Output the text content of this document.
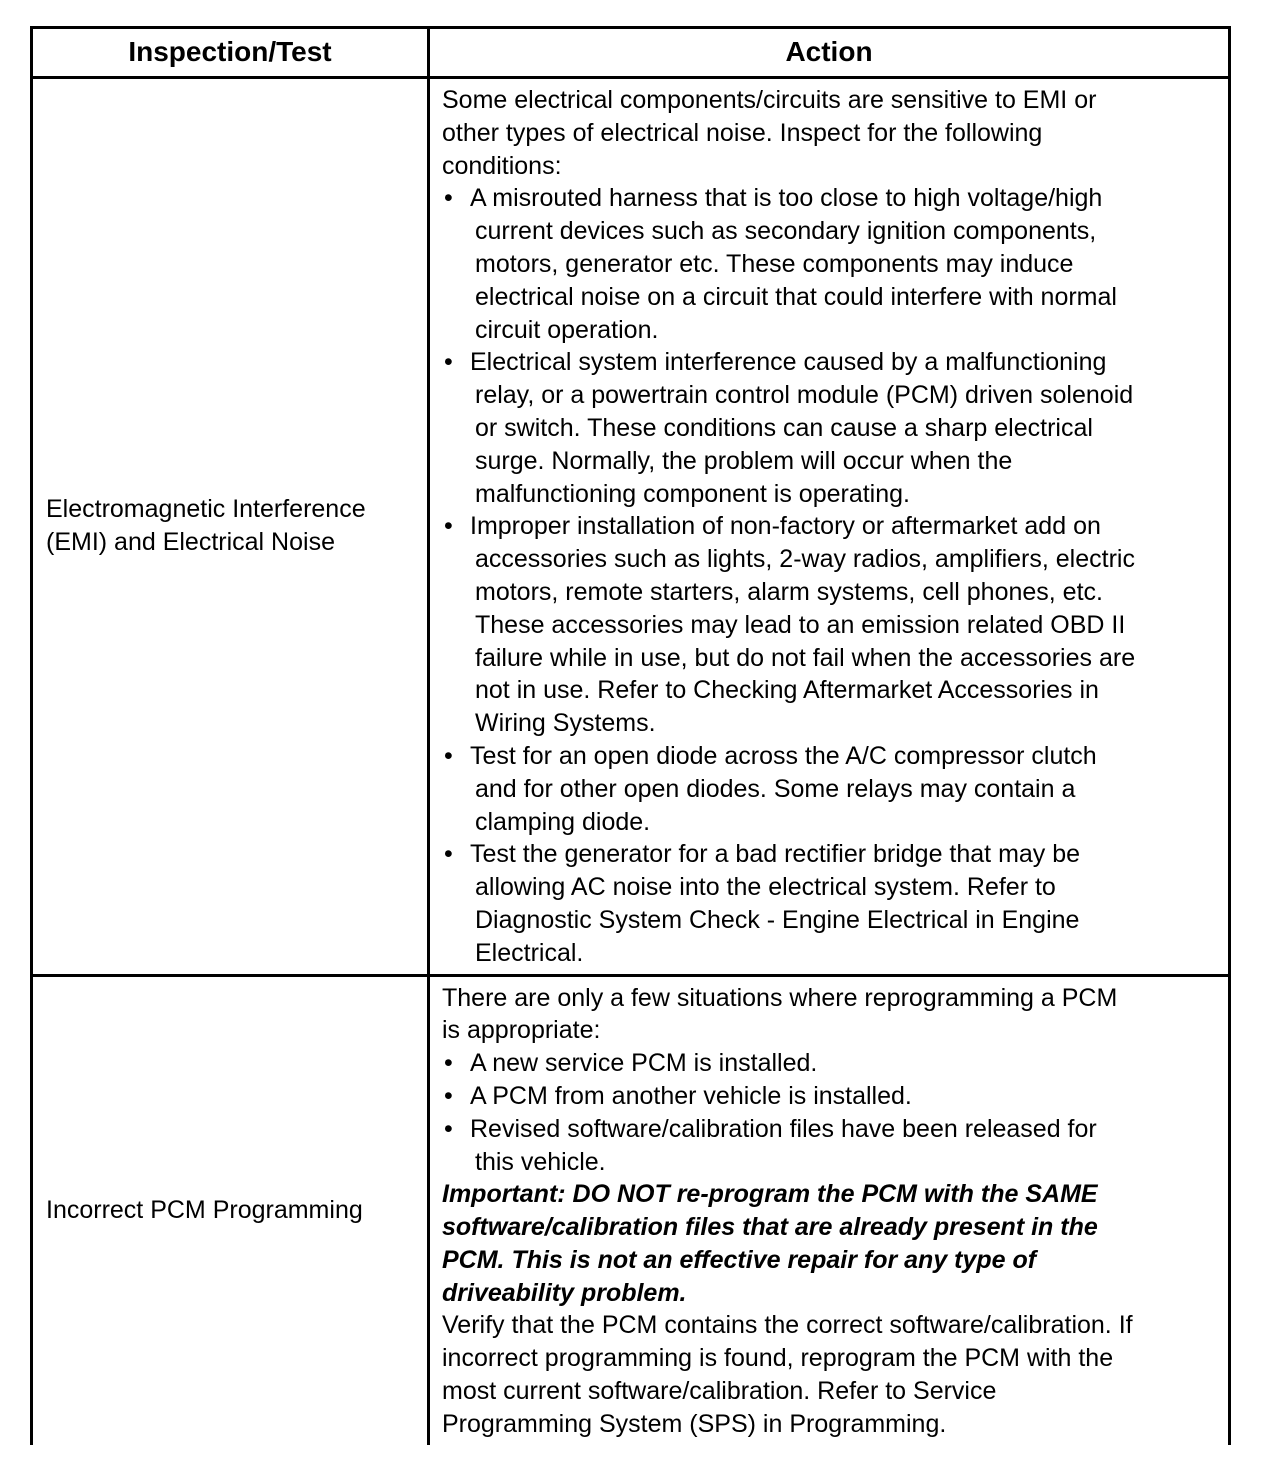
Inspection/Test	Action
Electromagnetic Interference
(EMI) and Electrical Noise
Some electrical components/circuits are sensitive to EMI or
other types of electrical noise. Inspect for the following
conditions:
• A misrouted harness that is too close to high voltage/high
current devices such as secondary ignition components,
motors, generator etc. These components may induce
electrical noise on a circuit that could interfere with normal
circuit operation.
• Electrical system interference caused by a malfunctioning
relay, or a powertrain control module (PCM) driven solenoid
or switch. These conditions can cause a sharp electrical
surge. Normally, the problem will occur when the
malfunctioning component is operating.
• Improper installation of non-factory or aftermarket add on
accessories such as lights, 2-way radios, amplifiers, electric
motors, remote starters, alarm systems, cell phones, etc.
These accessories may lead to an emission related OBD II
failure while in use, but do not fail when the accessories are
not in use. Refer to Checking Aftermarket Accessories in
Wiring Systems.
• Test for an open diode across the A/C compressor clutch
and for other open diodes. Some relays may contain a
clamping diode.
• Test the generator for a bad rectifier bridge that may be
allowing AC noise into the electrical system. Refer to
Diagnostic System Check - Engine Electrical in Engine
Electrical.
Incorrect PCM Programming
There are only a few situations where reprogramming a PCM
is appropriate:
• A new service PCM is installed.
• A PCM from another vehicle is installed.
• Revised software/calibration files have been released for
this vehicle.
Important: DO NOT re-program the PCM with the SAME
software/calibration files that are already present in the
PCM. This is not an effective repair for any type of
driveability problem.
Verify that the PCM contains the correct software/calibration. If
incorrect programming is found, reprogram the PCM with the
most current software/calibration. Refer to Service
Programming System (SPS) in Programming.
